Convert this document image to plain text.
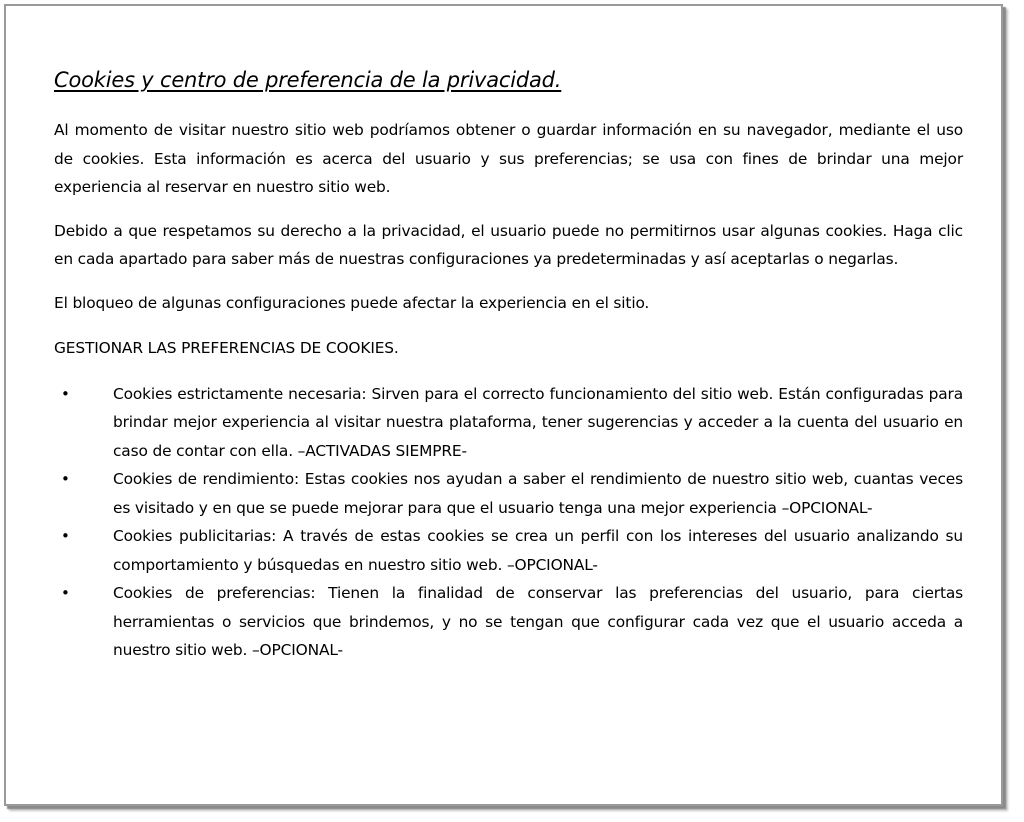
Cookies y centro de preferencia de la privacidad.

Al momento de visitar nuestro sitio web podríamos obtener o guardar información en su navegador, mediante el uso de cookies. Esta información es acerca del usuario y sus preferencias; se usa con fines de brindar una mejor experiencia al reservar en nuestro sitio web.

Debido a que respetamos su derecho a la privacidad, el usuario puede no permitirnos usar algunas cookies. Haga clic en cada apartado para saber más de nuestras configuraciones ya predeterminadas y así aceptarlas o negarlas.

El bloqueo de algunas configuraciones puede afectar la experiencia en el sitio.

GESTIONAR LAS PREFERENCIAS DE COOKIES.

•	Cookies estrictamente necesaria: Sirven para el correcto funcionamiento del sitio web. Están configuradas para brindar mejor experiencia al visitar nuestra plataforma, tener sugerencias y acceder a la cuenta del usuario en caso de contar con ella. –ACTIVADAS SIEMPRE-
•	Cookies de rendimiento: Estas cookies nos ayudan a saber el rendimiento de nuestro sitio web, cuantas veces es visitado y en que se puede mejorar para que el usuario tenga una mejor experiencia –OPCIONAL-
•	Cookies publicitarias: A través de estas cookies se crea un perfil con los intereses del usuario analizando su comportamiento y búsquedas en nuestro sitio web. –OPCIONAL-
•	Cookies de preferencias: Tienen la finalidad de conservar las preferencias del usuario, para ciertas herramientas o servicios que brindemos, y no se tengan que configurar cada vez que el usuario acceda a nuestro sitio web. –OPCIONAL-
